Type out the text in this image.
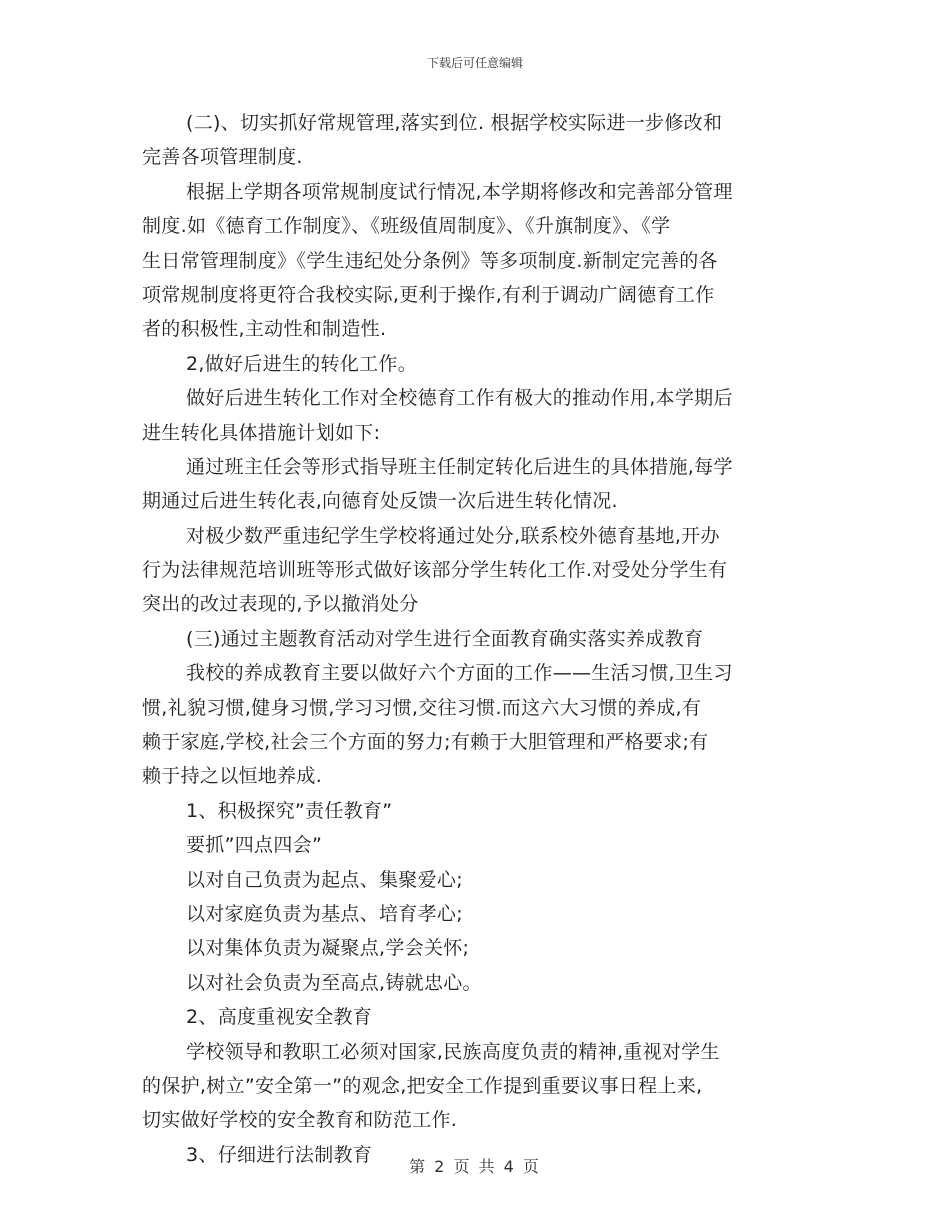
下载后可任意编辑
(二)、切实抓好常规管理,落实到位. 根据学校实际进一步修改和
完善各项管理制度.
根据上学期各项常规制度试行情况,本学期将修改和完善部分管理
制度.如《德育工作制度》、《班级值周制度》、《升旗制度》、《学
生日常管理制度》《学生违纪处分条例》等多项制度.新制定完善的各
项常规制度将更符合我校实际,更利于操作,有利于调动广阔德育工作
者的积极性,主动性和制造性.
2,做好后进生的转化工作。
做好后进生转化工作对全校德育工作有极大的推动作用,本学期后
进生转化具体措施计划如下:
通过班主任会等形式指导班主任制定转化后进生的具体措施,每学
期通过后进生转化表,向德育处反馈一次后进生转化情况.
对极少数严重违纪学生学校将通过处分,联系校外德育基地,开办
行为法律规范培训班等形式做好该部分学生转化工作.对受处分学生有
突出的改过表现的,予以撤消处分
(三)通过主题教育活动对学生进行全面教育确实落实养成教育
我校的养成教育主要以做好六个方面的工作——生活习惯,卫生习
惯,礼貌习惯,健身习惯,学习习惯,交往习惯.而这六大习惯的养成,有
赖于家庭,学校,社会三个方面的努力;有赖于大胆管理和严格要求;有
赖于持之以恒地养成.
1、积极探究”责任教育”
要抓”四点四会”
以对自己负责为起点、集聚爱心;
以对家庭负责为基点、培育孝心;
以对集体负责为凝聚点,学会关怀;
以对社会负责为至高点,铸就忠心。
2、高度重视安全教育
学校领导和教职工必须对国家,民族高度负责的精神,重视对学生
的保护,树立”安全第一”的观念,把安全工作提到重要议事日程上来,
切实做好学校的安全教育和防范工作.
3、仔细进行法制教育
第 2 页 共 4 页
